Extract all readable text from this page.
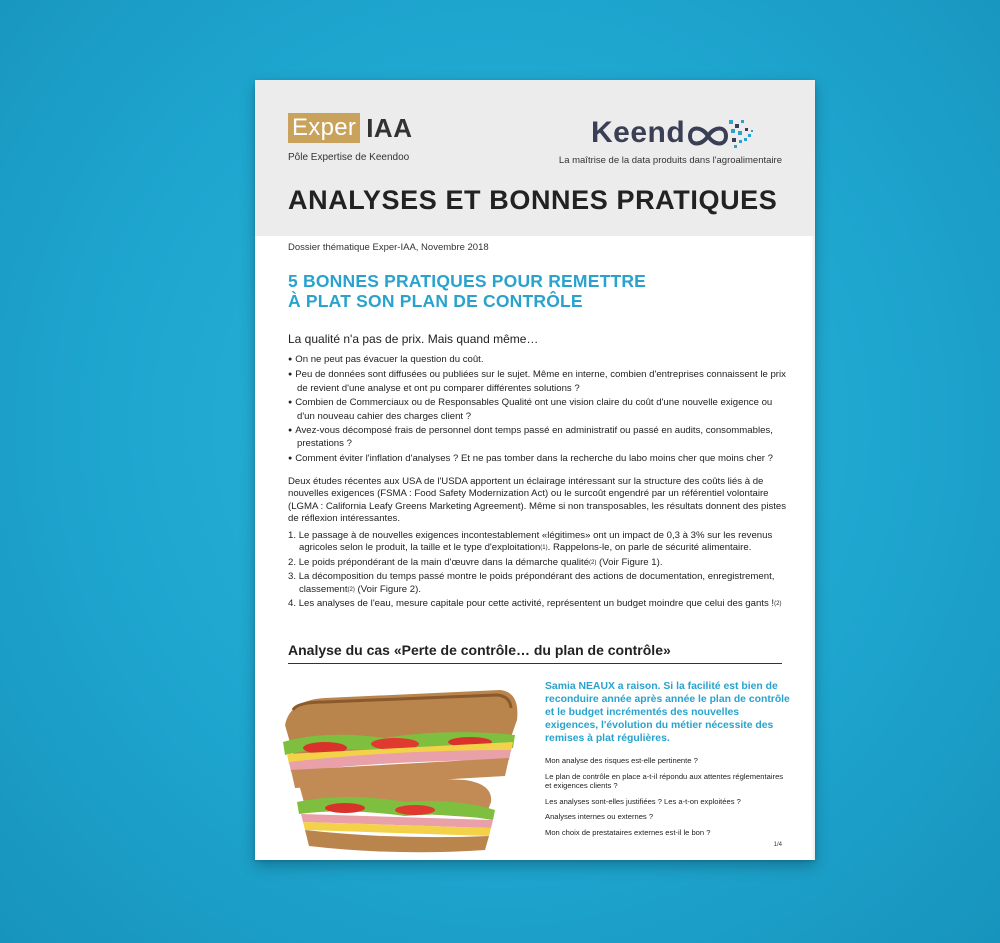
Exper IAA
Pôle Expertise de Keendoo
Keend
La maîtrise de la data produits dans l'agroalimentaire
ANALYSES ET BONNES PRATIQUES
Dossier thématique Exper-IAA, Novembre 2018
5 BONNES PRATIQUES POUR REMETTRE
À PLAT SON PLAN DE CONTRÔLE
La qualité n'a pas de prix. Mais quand même…
● On ne peut pas évacuer la question du coût.
● Peu de données sont diffusées ou publiées sur le sujet. Même en interne, combien d'entreprises connaissent le prix de revient d'une analyse et ont pu comparer différentes solutions ?
● Combien de Commerciaux ou de Responsables Qualité ont une vision claire du coût d'une nouvelle exigence ou d'un nouveau cahier des charges client ?
● Avez-vous décomposé frais de personnel dont temps passé en administratif ou passé en audits, consommables, prestations ?
● Comment éviter l'inflation d'analyses ? Et ne pas tomber dans la recherche du labo moins cher que moins cher ?
Deux études récentes aux USA de l'USDA apportent un éclairage intéressant sur la structure des coûts liés à de nouvelles exigences (FSMA : Food Safety Modernization Act) ou le surcoût engendré par un référentiel volontaire (LGMA : California Leafy Greens Marketing Agreement). Même si non transposables, les résultats donnent des pistes de réflexion intéressantes.
1. Le passage à de nouvelles exigences incontestablement «légitimes» ont un impact de 0,3 à 3% sur les revenus agricoles selon le produit, la taille et le type d'exploitation$^{(1)}$. Rappelons-le, on parle de sécurité alimentaire.
2. Le poids prépondérant de la main d'œuvre dans la démarche qualité$^{(2)}$ (Voir Figure 1).
3. La décomposition du temps passé montre le poids prépondérant des actions de documentation, enregistrement, classement$^{(2)}$ (Voir Figure 2).
4. Les analyses de l'eau, mesure capitale pour cette activité, représentent un budget moindre que celui des gants !$^{(2)}$
Analyse du cas «Perte de contrôle… du plan de contrôle»
Samia NEAUX a raison. Si la facilité est bien de reconduire année après année le plan de contrôle et le budget incrémentés des nouvelles exigences, l'évolution du métier nécessite des remises à plat régulières.
Mon analyse des risques est-elle pertinente ?
Le plan de contrôle en place a-t-il répondu aux attentes réglementaires et exigences clients ?
Les analyses sont-elles justifiées ? Les a-t-on exploitées ?
Analyses internes ou externes ?
Mon choix de prestataires externes est-il le bon ?
1/4
